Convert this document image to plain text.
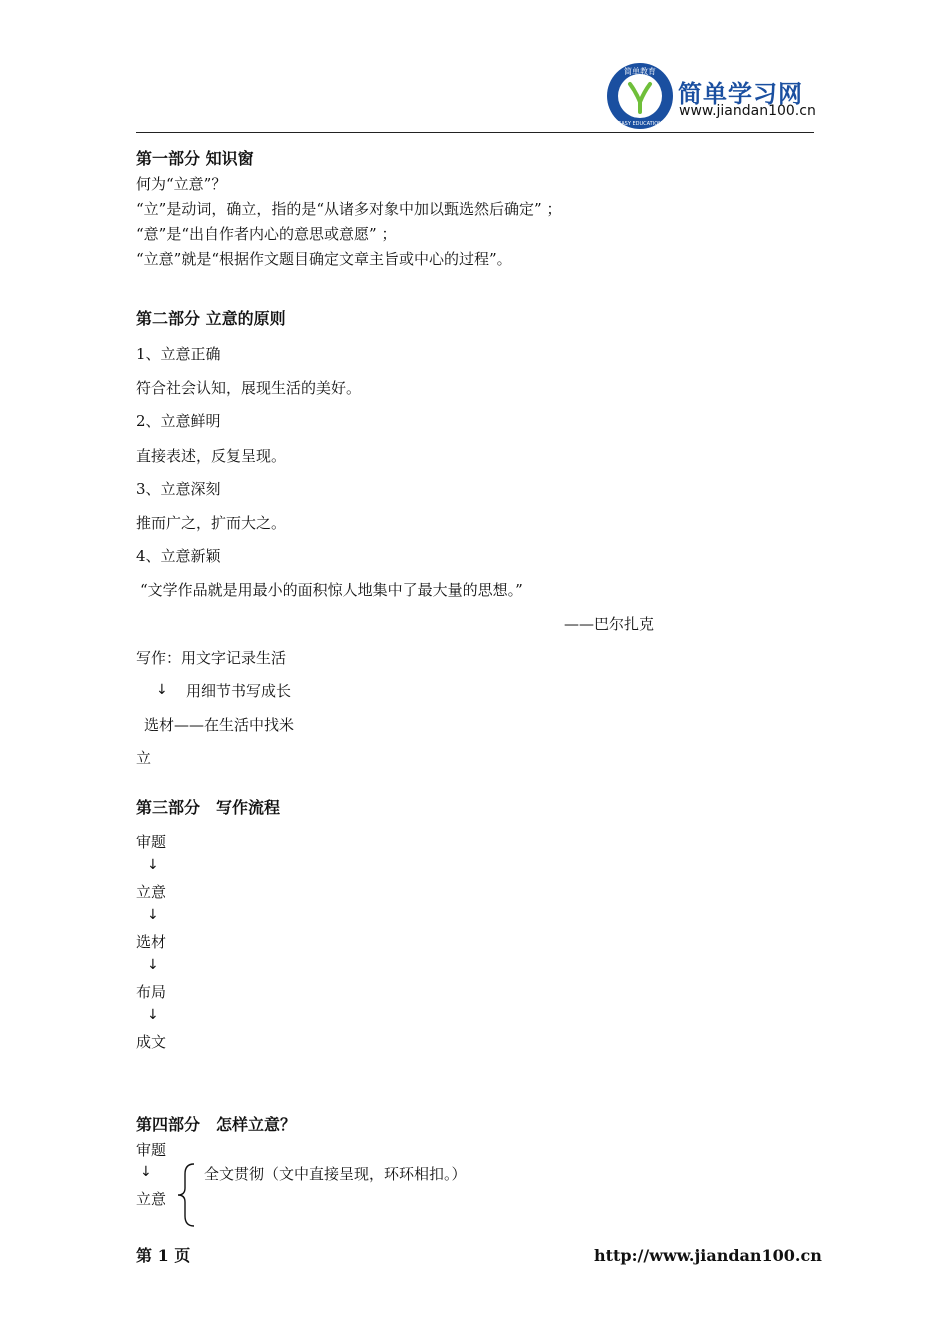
简单教育
EASY EDUCATION
简单学习网
www.jiandan100.cn
第一部分 知识窗
何为“立意”？
“立”是动词，确立，指的是“从诸多对象中加以甄选然后确定” ；
“意”是“出自作者内心的意思或意愿” ；
“立意”就是“根据作文题目确定文章主旨或中心的过程”。
第二部分 立意的原则
1、立意正确
符合社会认知，展现生活的美好。
2、立意鲜明
直接表述，反复呈现。
3、立意深刻
推而广之，扩而大之。
4、立意新颖
“文学作品就是用最小的面积惊人地集中了最大量的思想。”
——巴尔扎克
写作：用文字记录生活
↓ 用细节书写成长
选材——在生活中找米
立
第三部分　写作流程
审题
↓
立意
↓
选材
↓
布局
↓
成文
第四部分　怎样立意？
审题
↓
立意
全文贯彻（文中直接呈现，环环相扣。）
第 1 页	http://www.jiandan100.cn
